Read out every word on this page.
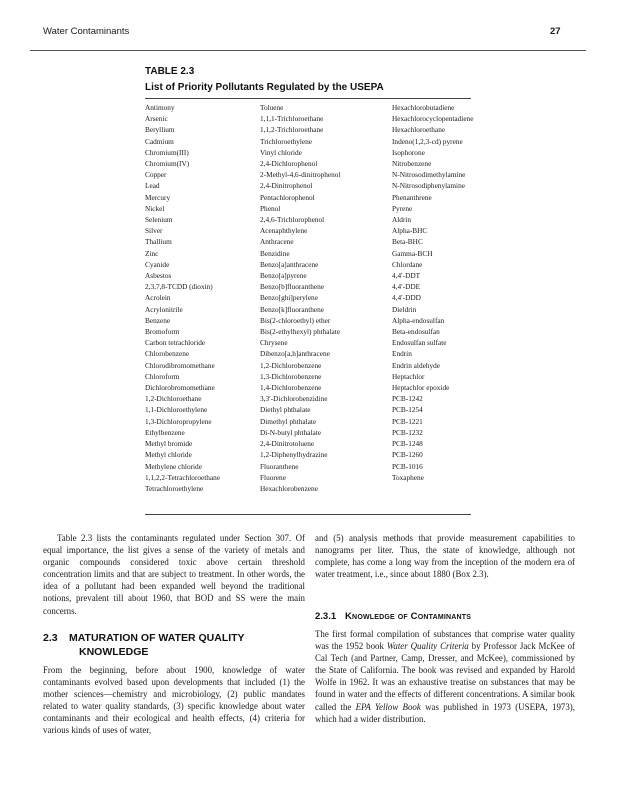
Water Contaminants	27
TABLE 2.3
List of Priority Pollutants Regulated by the USEPA
Antimony	Toluene	Hexachlorobutadiene
Arsenic	1,1,1-Trichloroethane	Hexachlorocyclopentadiene
Beryllium	1,1,2-Trichloroethane	Hexachloroethane
Cadmium	Trichloroethylene	Indeno(1,2,3-cd) pyrene
Chromium(III)	Vinyl chloride	Isophorone
Chromium(IV)	2,4-Dichlorophenol	Nitrobenzene
Copper	2-Methyl-4,6-dinitrophenol	N-Nitrosodimethylamine
Lead	2,4-Dinitrophenol	N-Nitrosodiphenylamine
Mercury	Pentachlorophenol	Phenanthrene
Nickel	Phenol	Pyrene
Selenium	2,4,6-Trichlorophenol	Aldrin
Silver	Acenaphthylene	Alpha-BHC
Thallium	Anthracene	Beta-BHC
Zinc	Benzidine	Gamma-BCH
Cyanide	Benzo[a]anthracene	Chlordane
Asbestos	Benzo[a]pyrene	4,4′-DDT
2,3,7,8-TCDD (dioxin)	Benzo[b]fluoranthene	4,4′-DDE
Acrolein	Benzo[ghi]perylene	4,4′-DDD
Acrylonitrile	Benzo[k]fluoranthene	Dieldrin
Benzene	Bis(2-chloroethyl) ether	Alpha-endosulfan
Bromoform	Bis(2-ethylhexyl) phthalate	Beta-endosulfan
Carbon tetrachloride	Chrysene	Endosulfan sulfate
Chlorobenzene	Dibenzo[a,h]anthracene	Endrin
Chlorodibromomethane	1,2-Dichlorobenzene	Endrin aldehyde
Chloroform	1,3-Dichlorobenzene	Heptachlor
Dichlorobromomethane	1,4-Dichlorobenzene	Heptachlor epoxide
1,2-Dichloroethane	3,3′-Dichlorobenzidine	PCB-1242
1,1-Dichloroethylene	Diethyl phthalate	PCB-1254
1,3-Dichloropropylene	Dimethyl phthalate	PCB-1221
Ethylbenzene	Di-N-butyl phthalate	PCB-1232
Methyl bromide	2,4-Dinitrotoluene	PCB-1248
Methyl chloride	1,2-Diphenylhydrazine	PCB-1260
Methylene chloride	Fluoranthene	PCB-1016
1,1,2,2-Tetrachloroethane	Fluorene	Toxaphene
Tetrachloroethylene	Hexachlorobenzene	

Table 2.3 lists the contaminants regulated under Section 307. Of equal importance, the list gives a sense of the variety of metals and organic compounds considered toxic above certain threshold concentration limits and that are subject to treatment. In other words, the idea of a pollutant had been expanded well beyond the traditional notions, prevalent till about 1960, that BOD and SS were the main concerns.

2.3 MATURATION OF WATER QUALITY
KNOWLEDGE

From the beginning, before about 1900, knowledge of water contaminants evolved based upon developments that included (1) the mother sciences—chemistry and microbiology, (2) public mandates related to water quality standards, (3) specific knowledge about water contaminants and their ecological and health effects, (4) criteria for various kinds of uses of water,

and (5) analysis methods that provide measurement capabilities to nanograms per liter. Thus, the state of knowledge, although not complete, has come a long way from the inception of the modern era of water treatment, i.e., since about 1880 (Box 2.3).

2.3.1 Knowledge of Contaminants

The first formal compilation of substances that comprise water quality was the 1952 book Water Quality Criteria by Professor Jack McKee of Cal Tech (and Partner, Camp, Dresser, and McKee), commissioned by the State of California. The book was revised and expanded by Harold Wolfe in 1962. It was an exhaustive treatise on substances that may be found in water and the effects of different concentrations. A similar book called the EPA Yellow Book was published in 1973 (USEPA, 1973), which had a wider distribution.
